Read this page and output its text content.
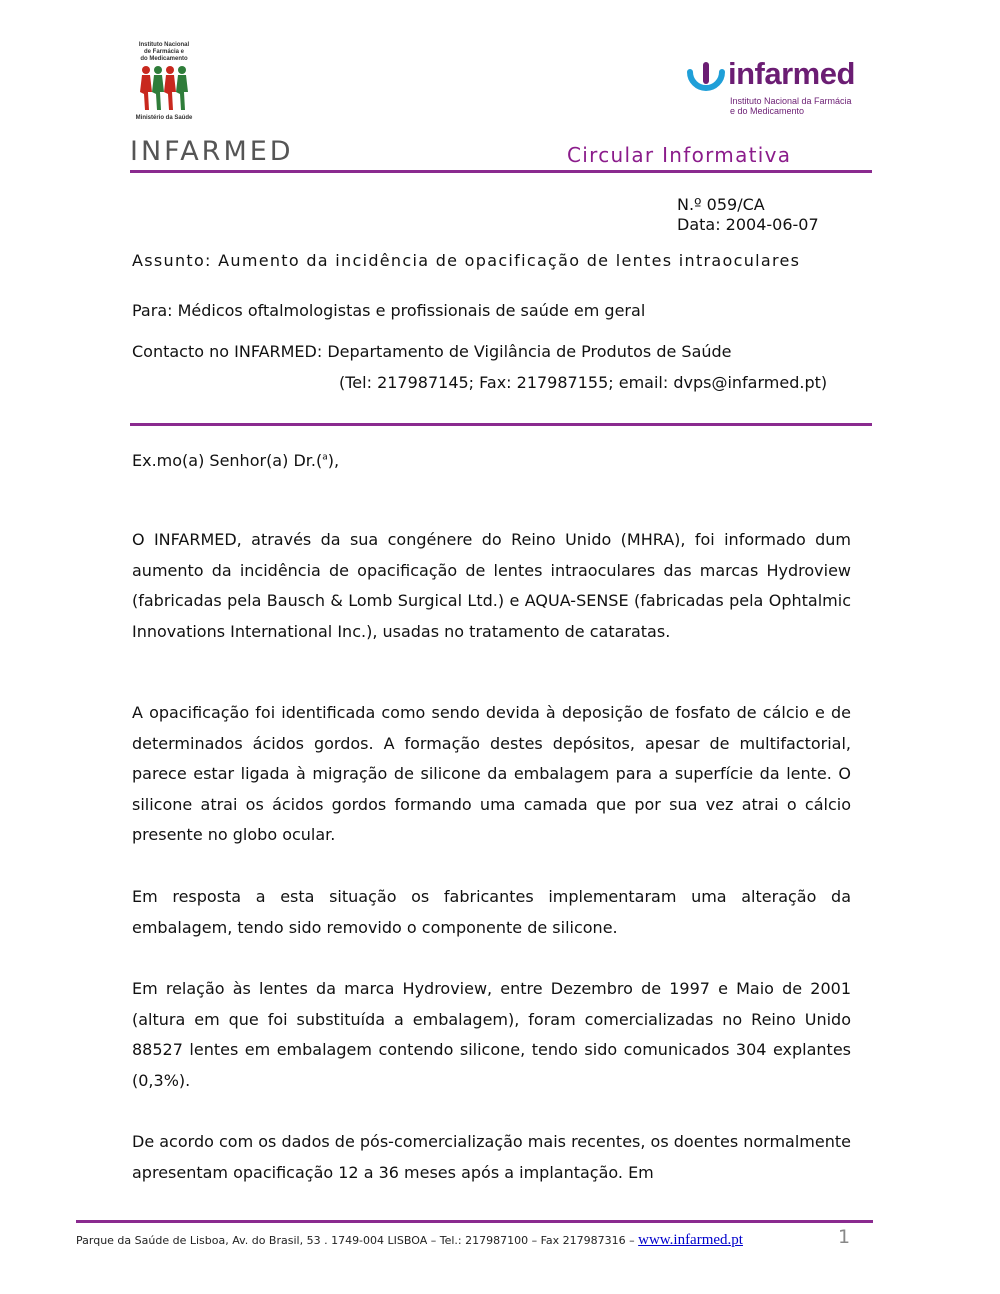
Instituto Nacional
de Farmácia e
do Medicamento
Ministério da Saúde
infarmed
Instituto Nacional da Farmácia
e do Medicamento
INFARMED	Circular Informativa
N.º 059/CA
Data: 2004-06-07
Assunto: Aumento da incidência de opacificação de lentes intraoculares
Para: Médicos oftalmologistas e profissionais de saúde em geral
Contacto no INFARMED: Departamento de Vigilância de Produtos de Saúde
(Tel: 217987145; Fax: 217987155; email: dvps@infarmed.pt)
Ex.mo(a) Senhor(a) Dr.($^a$),
O INFARMED, através da sua congénere do Reino Unido (MHRA), foi informado dum aumento da incidência de opacificação de lentes intraoculares das marcas Hydroview (fabricadas pela Bausch & Lomb Surgical Ltd.) e AQUA-SENSE (fabricadas pela Ophtalmic Innovations International Inc.), usadas no tratamento de cataratas.
A opacificação foi identificada como sendo devida à deposição de fosfato de cálcio e de determinados ácidos gordos. A formação destes depósitos, apesar de multifactorial, parece estar ligada à migração de silicone da embalagem para a superfície da lente. O silicone atrai os ácidos gordos formando uma camada que por sua vez atrai o cálcio presente no globo ocular.
Em resposta a esta situação os fabricantes implementaram uma alteração da embalagem, tendo sido removido o componente de silicone.
Em relação às lentes da marca Hydroview, entre Dezembro de 1997 e Maio de 2001 (altura em que foi substituída a embalagem), foram comercializadas no Reino Unido 88527 lentes em embalagem contendo silicone, tendo sido comunicados 304 explantes (0,3%).
De acordo com os dados de pós-comercialização mais recentes, os doentes normalmente apresentam opacificação 12 a 36 meses após a implantação. Em
Parque da Saúde de Lisboa, Av. do Brasil, 53 . 1749-004 LISBOA – Tel.: 217987100 – Fax 217987316 – www.infarmed.pt	1
